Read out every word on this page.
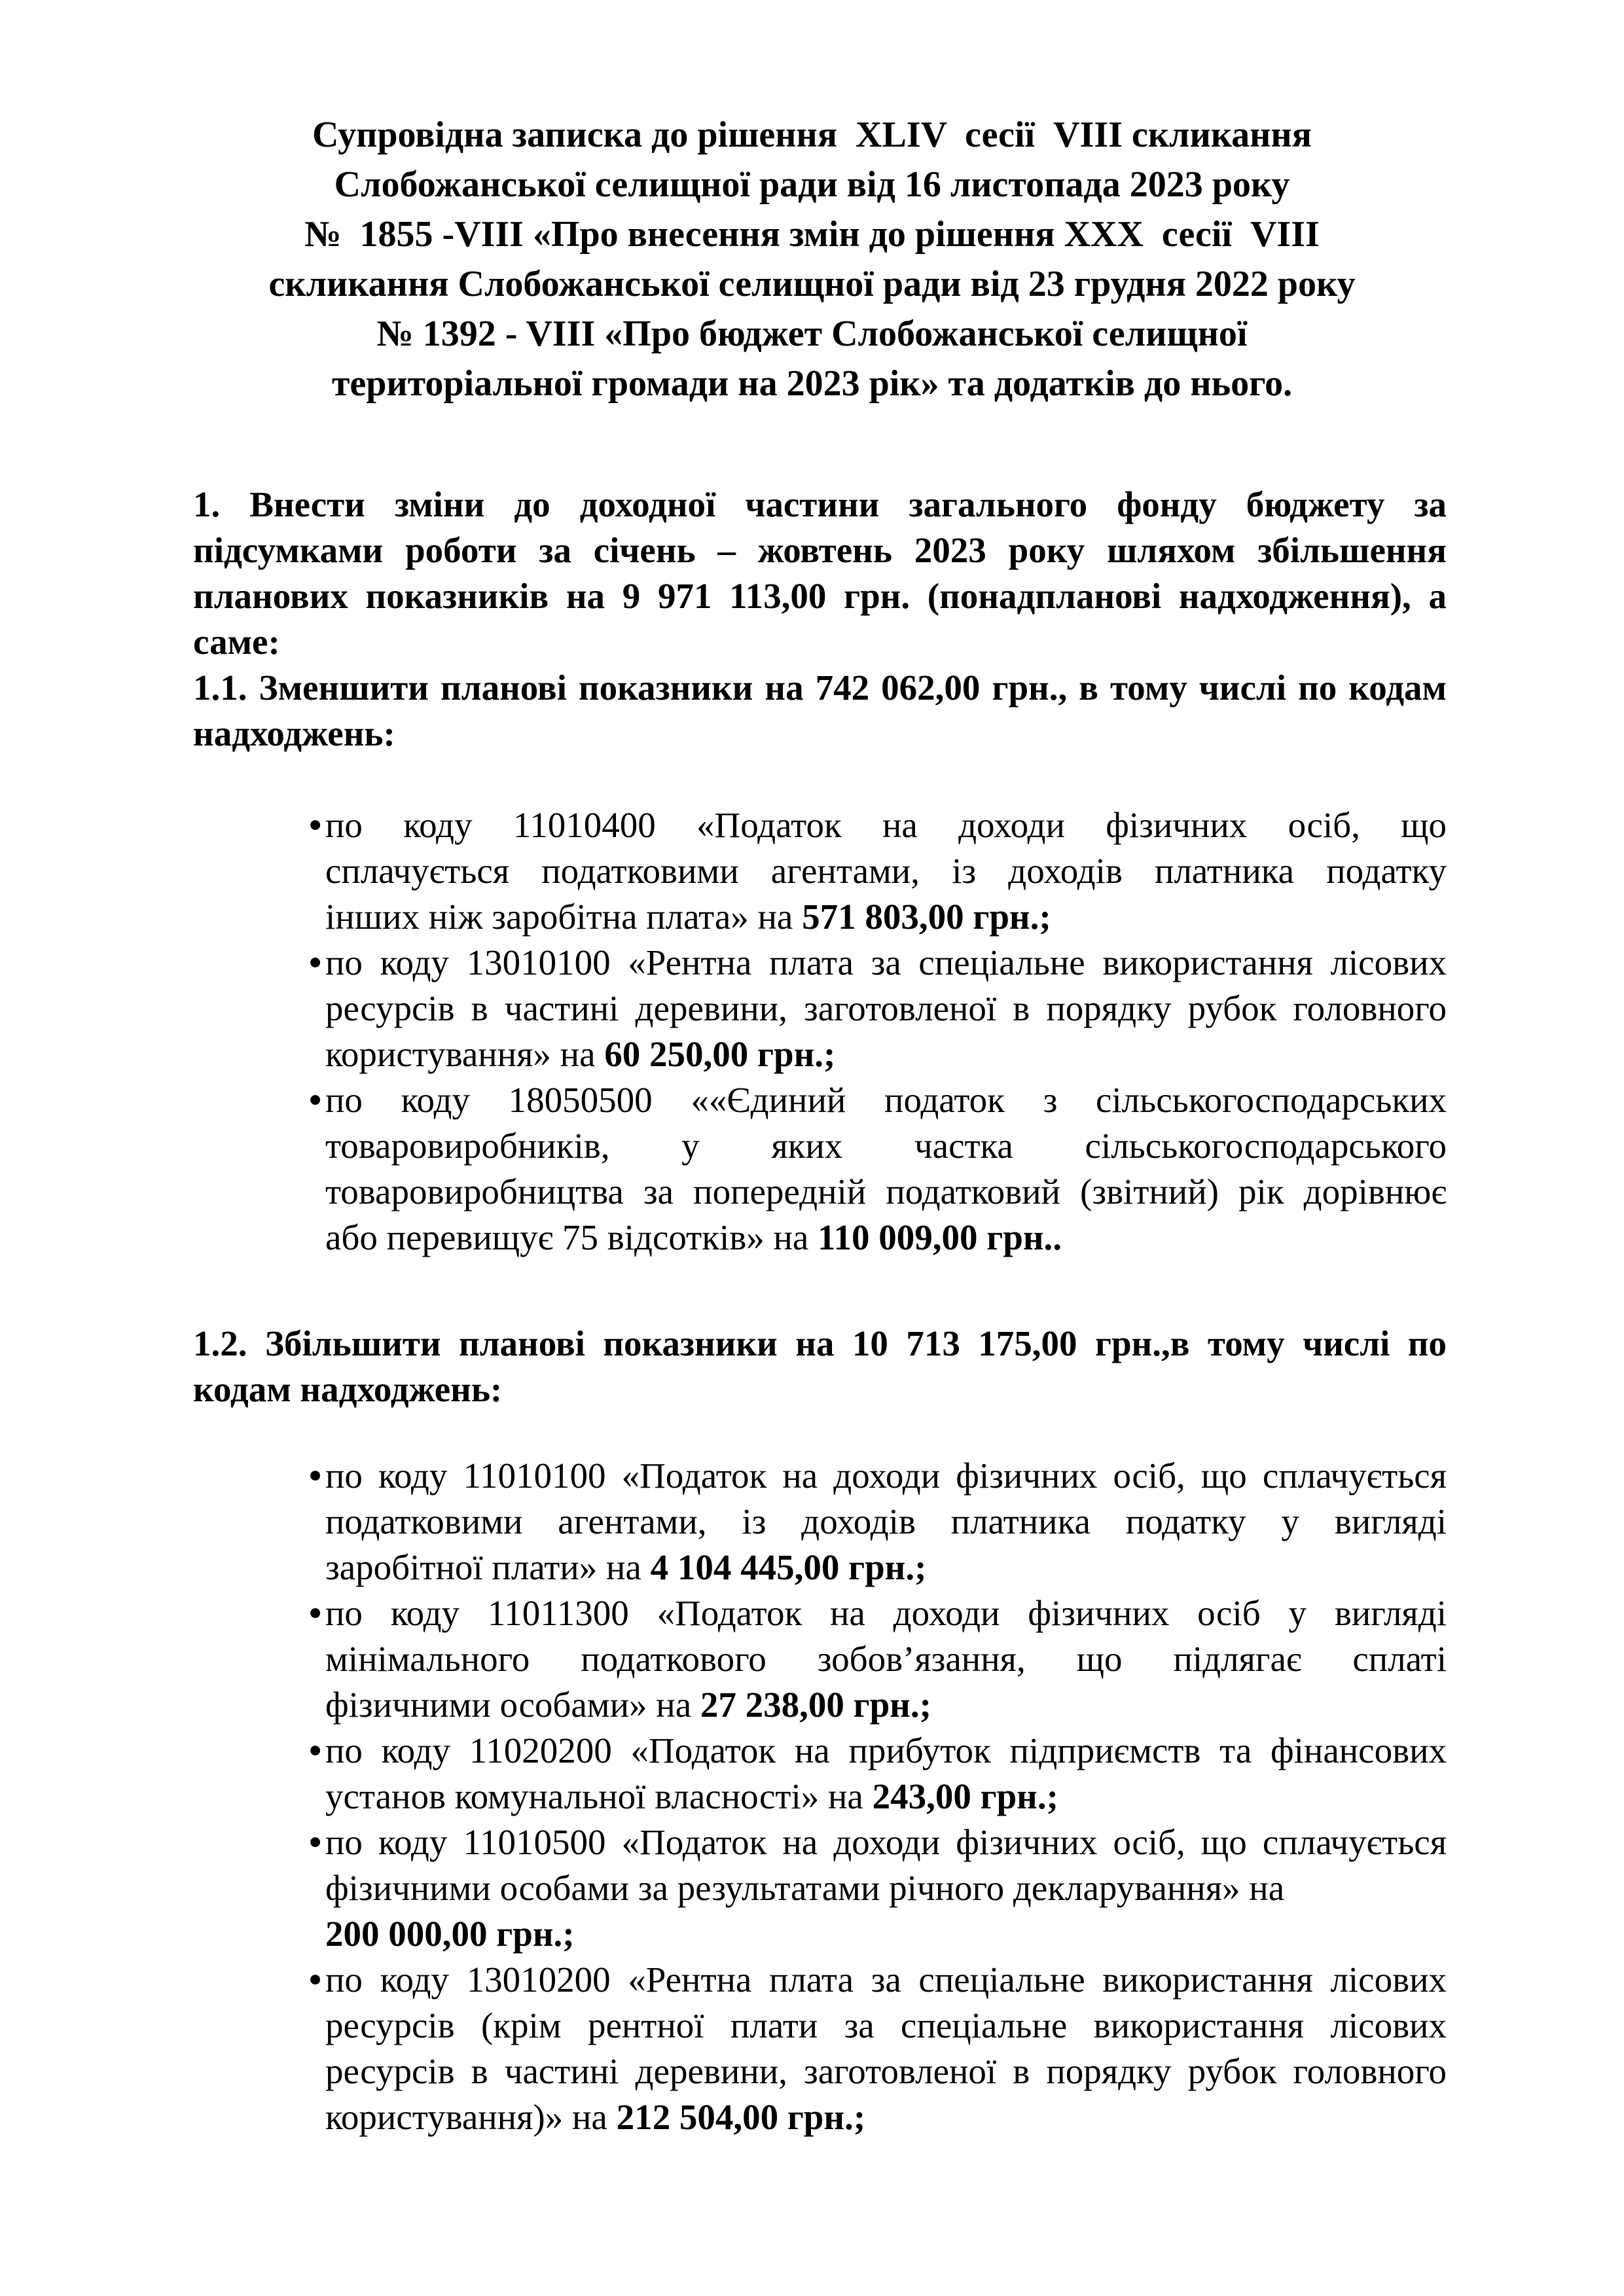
Супровідна записка до рішення  XLIV  сесії  VIII скликання
Слобожанської селищної ради від 16 листопада 2023 року
№  1855 -VIII «Про внесення змін до рішення XXX  сесії  VIII
скликання Слобожанської селищної ради від 23 грудня 2022 року
№ 1392 - VIII «Про бюджет Слобожанської селищної
територіальної громади на 2023 рік» та додатків до нього.
1. Внести зміни до доходної частини загального фонду бюджету за
підсумками роботи за січень – жовтень 2023 року шляхом збільшення
планових показників на 9 971 113,00 грн. (понадпланові надходження), а
саме:
1.1. Зменшити планові показники на 742 062,00 грн., в тому числі по кодам
надходжень:
• по коду 11010400 «Податок на доходи фізичних осіб, що
сплачується податковими агентами, із доходів платника податку
інших ніж заробітна плата» на 571 803,00 грн.;
• по коду 13010100 «Рентна плата за спеціальне використання лісових
ресурсів в частині деревини, заготовленої в порядку рубок головного
користування» на 60 250,00 грн.;
• по коду 18050500 ««Єдиний податок з сільськогосподарських
товаровиробників, у яких частка сільськогосподарського
товаровиробництва за попередній податковий (звітний) рік дорівнює
або перевищує 75 відсотків» на 110 009,00 грн..
1.2. Збільшити планові показники на 10 713 175,00 грн.,в тому числі по
кодам надходжень:
• по коду 11010100 «Податок на доходи фізичних осіб, що сплачується
податковими агентами, із доходів платника податку у вигляді
заробітної плати» на 4 104 445,00 грн.;
• по коду 11011300 «Податок на доходи фізичних осіб у вигляді
мінімального податкового зобов’язання, що підлягає сплаті
фізичними особами» на 27 238,00 грн.;
• по коду 11020200 «Податок на прибуток підприємств та фінансових
установ комунальної власності» на 243,00 грн.;
• по коду 11010500 «Податок на доходи фізичних осіб, що сплачується
фізичними особами за результатами річного декларування» на
200 000,00 грн.;
• по коду 13010200 «Рентна плата за спеціальне використання лісових
ресурсів (крім рентної плати за спеціальне використання лісових
ресурсів в частині деревини, заготовленої в порядку рубок головного
користування)» на 212 504,00 грн.;
